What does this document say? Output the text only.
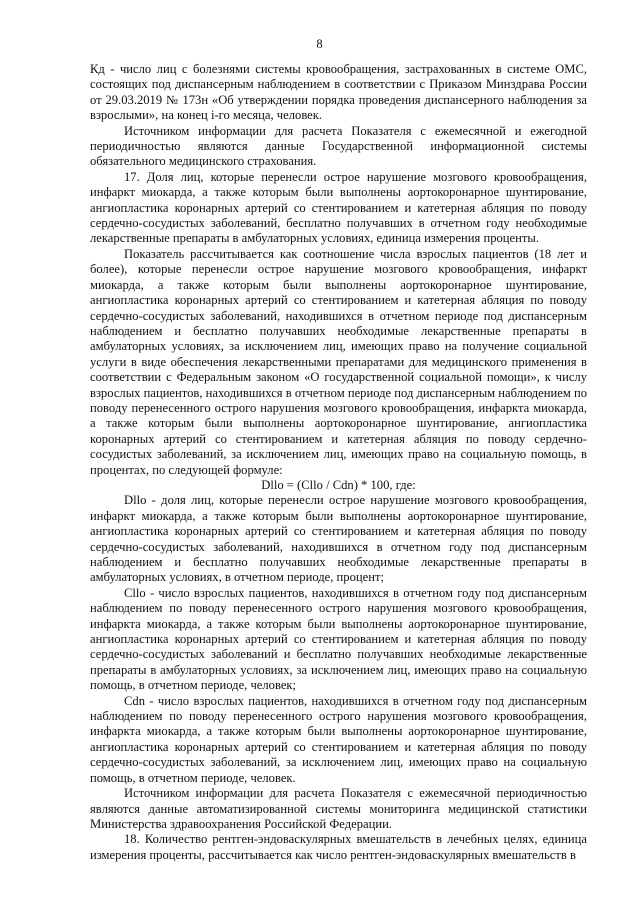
8

Кд - число лиц с болезнями системы кровообращения, застрахованных в системе ОМС, состоящих под диспансерным наблюдением в соответствии с Приказом Минздрава России от 29.03.2019 № 173н «Об утверждении порядка проведения диспансерного наблюдения за взрослыми», на конец i-го месяца, человек.

Источником информации для расчета Показателя с ежемесячной и ежегодной периодичностью являются данные Государственной информационной системы обязательного медицинского страхования.

17. Доля лиц, которые перенесли острое нарушение мозгового кровообращения, инфаркт миокарда, а также которым были выполнены аортокоронарное шунтирование, ангиопластика коронарных артерий со стентированием и катетерная абляция по поводу сердечно-сосудистых заболеваний, бесплатно получавших в отчетном году необходимые лекарственные препараты в амбулаторных условиях, единица измерения проценты.

Показатель рассчитывается как соотношение числа взрослых пациентов (18 лет и более), которые перенесли острое нарушение мозгового кровообращения, инфаркт миокарда, а также которым были выполнены аортокоронарное шунтирование, ангиопластика коронарных артерий со стентированием и катетерная абляция по поводу сердечно-сосудистых заболеваний, находившихся в отчетном периоде под диспансерным наблюдением и бесплатно получавших необходимые лекарственные препараты в амбулаторных условиях, за исключением лиц, имеющих право на получение социальной услуги в виде обеспечения лекарственными препаратами для медицинского применения в соответствии с Федеральным законом «О государственной социальной помощи», к числу взрослых пациентов, находившихся в отчетном периоде под диспансерным наблюдением по поводу перенесенного острого нарушения мозгового кровообращения, инфаркта миокарда, а также которым были выполнены аортокоронарное шунтирование, ангиопластика коронарных артерий со стентированием и катетерная абляция по поводу сердечно-сосудистых заболеваний, за исключением лиц, имеющих право на социальную помощь, в процентах, по следующей формуле:

Dllo = (Cllo / Cdn) * 100, где:

Dllo - доля лиц, которые перенесли острое нарушение мозгового кровообращения, инфаркт миокарда, а также которым были выполнены аортокоронарное шунтирование, ангиопластика коронарных артерий со стентированием и катетерная абляция по поводу сердечно-сосудистых заболеваний, находившихся в отчетном году под диспансерным наблюдением и бесплатно получавших необходимые лекарственные препараты в амбулаторных условиях, в отчетном периоде, процент;

Cllo - число взрослых пациентов, находившихся в отчетном году под диспансерным наблюдением по поводу перенесенного острого нарушения мозгового кровообращения, инфаркта миокарда, а также которым были выполнены аортокоронарное шунтирование, ангиопластика коронарных артерий со стентированием и катетерная абляция по поводу сердечно-сосудистых заболеваний и бесплатно получавших необходимые лекарственные препараты в амбулаторных условиях, за исключением лиц, имеющих право на социальную помощь, в отчетном периоде, человек;

Cdn - число взрослых пациентов, находившихся в отчетном году под диспансерным наблюдением по поводу перенесенного острого нарушения мозгового кровообращения, инфаркта миокарда, а также которым были выполнены аортокоронарное шунтирование, ангиопластика коронарных артерий со стентированием и катетерная абляция по поводу сердечно-сосудистых заболеваний, за исключением лиц, имеющих право на социальную помощь, в отчетном периоде, человек.

Источником информации для расчета Показателя с ежемесячной периодичностью являются данные автоматизированной системы мониторинга медицинской статистики Министерства здравоохранения Российской Федерации.

18. Количество рентген-эндоваскулярных вмешательств в лечебных целях, единица измерения проценты, рассчитывается как число рентген-эндоваскулярных вмешательств в
